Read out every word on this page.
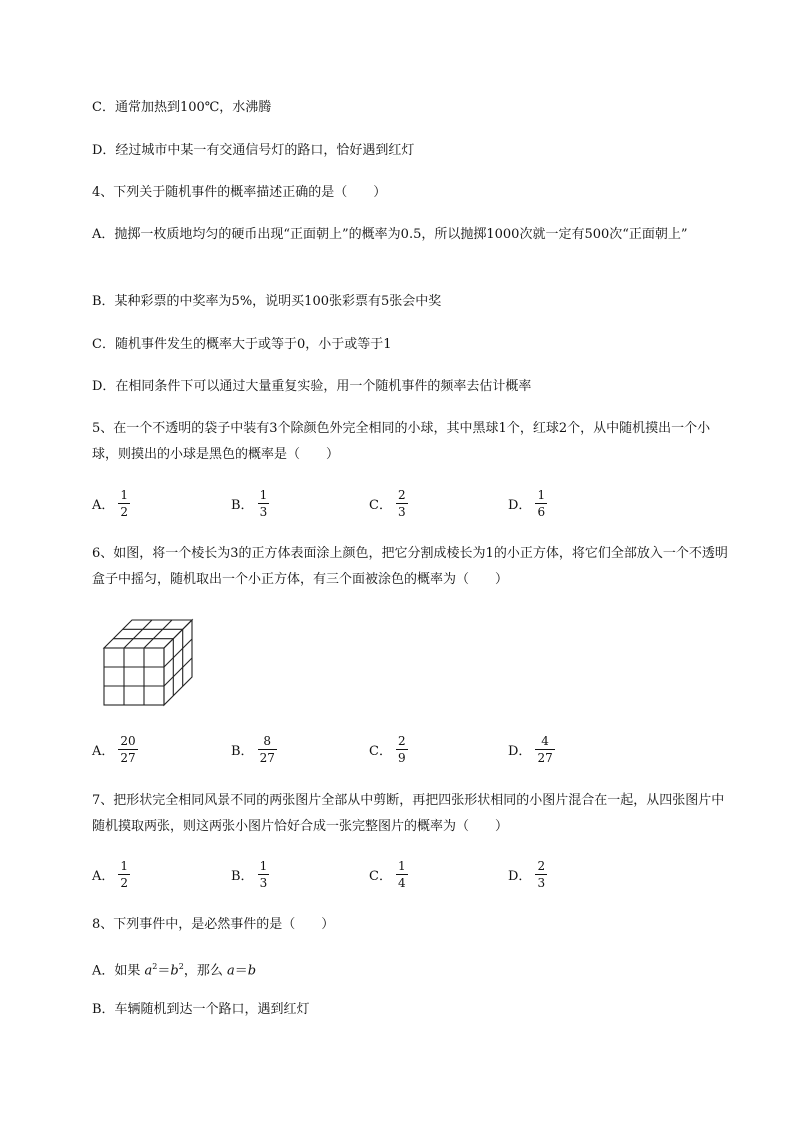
C．通常加热到100℃，水沸腾
D．经过城市中某一有交通信号灯的路口，恰好遇到红灯
4、下列关于随机事件的概率描述正确的是（　　）
A．抛掷一枚质地均匀的硬币出现“正面朝上”的概率为0.5，所以抛掷1000次就一定有500次“正面朝上”
B．某种彩票的中奖率为5%，说明买100张彩票有5张会中奖
C．随机事件发生的概率大于或等于0，小于或等于1
D．在相同条件下可以通过大量重复实验，用一个随机事件的频率去估计概率
5、在一个不透明的袋子中装有3个除颜色外完全相同的小球，其中黑球1个，红球2个，从中随机摸出一个小球，则摸出的小球是黑色的概率是（　　）
A． $\frac{1}{2}$	B． $\frac{1}{3}$	C． $\frac{2}{3}$	D． $\frac{1}{6}$
6、如图，将一个棱长为3的正方体表面涂上颜色，把它分割成棱长为1的小正方体，将它们全部放入一个不透明盒子中摇匀，随机取出一个小正方体，有三个面被涂色的概率为（　　）
A． $\frac{20}{27}$	B． $\frac{8}{27}$	C． $\frac{2}{9}$	D． $\frac{4}{27}$
7、把形状完全相同风景不同的两张图片全部从中剪断，再把四张形状相同的小图片混合在一起，从四张图片中随机摸取两张，则这两张小图片恰好合成一张完整图片的概率为（　　）
A． $\frac{1}{2}$	B． $\frac{1}{3}$	C． $\frac{1}{4}$	D． $\frac{2}{3}$
8、下列事件中，是必然事件的是（　　）
A．如果 $a^2=b^2$，那么 a＝b
B．车辆随机到达一个路口，遇到红灯
